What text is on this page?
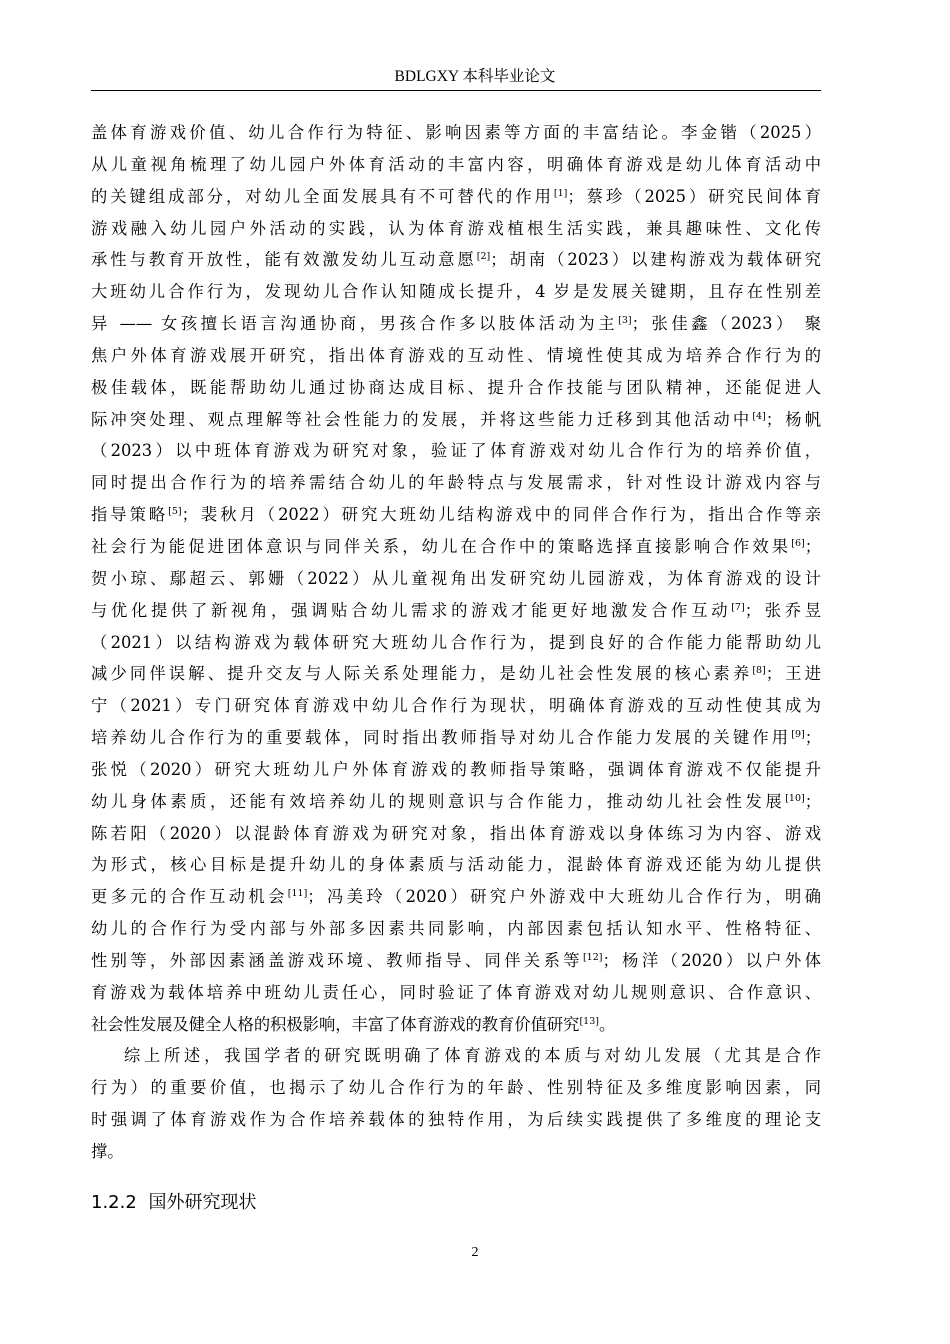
BDLGXY 本科毕业论文
盖体育游戏价值、幼儿合作行为特征、影响因素等方面的丰富结论。李金锴（2025）
从儿童视角梳理了幼儿园户外体育活动的丰富内容，明确体育游戏是幼儿体育活动中
的关键组成部分，对幼儿全面发展具有不可替代的作用[1]；蔡珍（2025）研究民间体育
游戏融入幼儿园户外活动的实践，认为体育游戏植根生活实践，兼具趣味性、文化传
承性与教育开放性，能有效激发幼儿互动意愿[2]；胡南（2023）以建构游戏为载体研究
大班幼儿合作行为，发现幼儿合作认知随成长提升，4 岁是发展关键期，且存在性别差
异 —— 女孩擅长语言沟通协商，男孩合作多以肢体活动为主[3]；张佳鑫（2023） 聚
焦户外体育游戏展开研究，指出体育游戏的互动性、情境性使其成为培养合作行为的
极佳载体，既能帮助幼儿通过协商达成目标、提升合作技能与团队精神，还能促进人
际冲突处理、观点理解等社会性能力的发展，并将这些能力迁移到其他活动中[4]；杨帆
（2023）以中班体育游戏为研究对象，验证了体育游戏对幼儿合作行为的培养价值，
同时提出合作行为的培养需结合幼儿的年龄特点与发展需求，针对性设计游戏内容与
指导策略[5]；裴秋月（2022）研究大班幼儿结构游戏中的同伴合作行为，指出合作等亲
社会行为能促进团体意识与同伴关系，幼儿在合作中的策略选择直接影响合作效果[6]；
贺小琼、鄢超云、郭姗（2022）从儿童视角出发研究幼儿园游戏，为体育游戏的设计
与优化提供了新视角，强调贴合幼儿需求的游戏才能更好地激发合作互动[7]；张乔昱
（2021）以结构游戏为载体研究大班幼儿合作行为，提到良好的合作能力能帮助幼儿
减少同伴误解、提升交友与人际关系处理能力，是幼儿社会性发展的核心素养[8]；王进
宁（2021）专门研究体育游戏中幼儿合作行为现状，明确体育游戏的互动性使其成为
培养幼儿合作行为的重要载体，同时指出教师指导对幼儿合作能力发展的关键作用[9]；
张悦（2020）研究大班幼儿户外体育游戏的教师指导策略，强调体育游戏不仅能提升
幼儿身体素质，还能有效培养幼儿的规则意识与合作能力，推动幼儿社会性发展[10]；
陈若阳（2020）以混龄体育游戏为研究对象，指出体育游戏以身体练习为内容、游戏
为形式，核心目标是提升幼儿的身体素质与活动能力，混龄体育游戏还能为幼儿提供
更多元的合作互动机会[11]；冯美玲（2020）研究户外游戏中大班幼儿合作行为，明确
幼儿的合作行为受内部与外部多因素共同影响，内部因素包括认知水平、性格特征、
性别等，外部因素涵盖游戏环境、教师指导、同伴关系等[12]；杨洋（2020）以户外体
育游戏为载体培养中班幼儿责任心，同时验证了体育游戏对幼儿规则意识、合作意识、
社会性发展及健全人格的积极影响，丰富了体育游戏的教育价值研究[13]。
综上所述，我国学者的研究既明确了体育游戏的本质与对幼儿发展（尤其是合作
行为）的重要价值，也揭示了幼儿合作行为的年龄、性别特征及多维度影响因素，同
时强调了体育游戏作为合作培养载体的独特作用，为后续实践提供了多维度的理论支
撑。
1.2.2 国外研究现状
2
